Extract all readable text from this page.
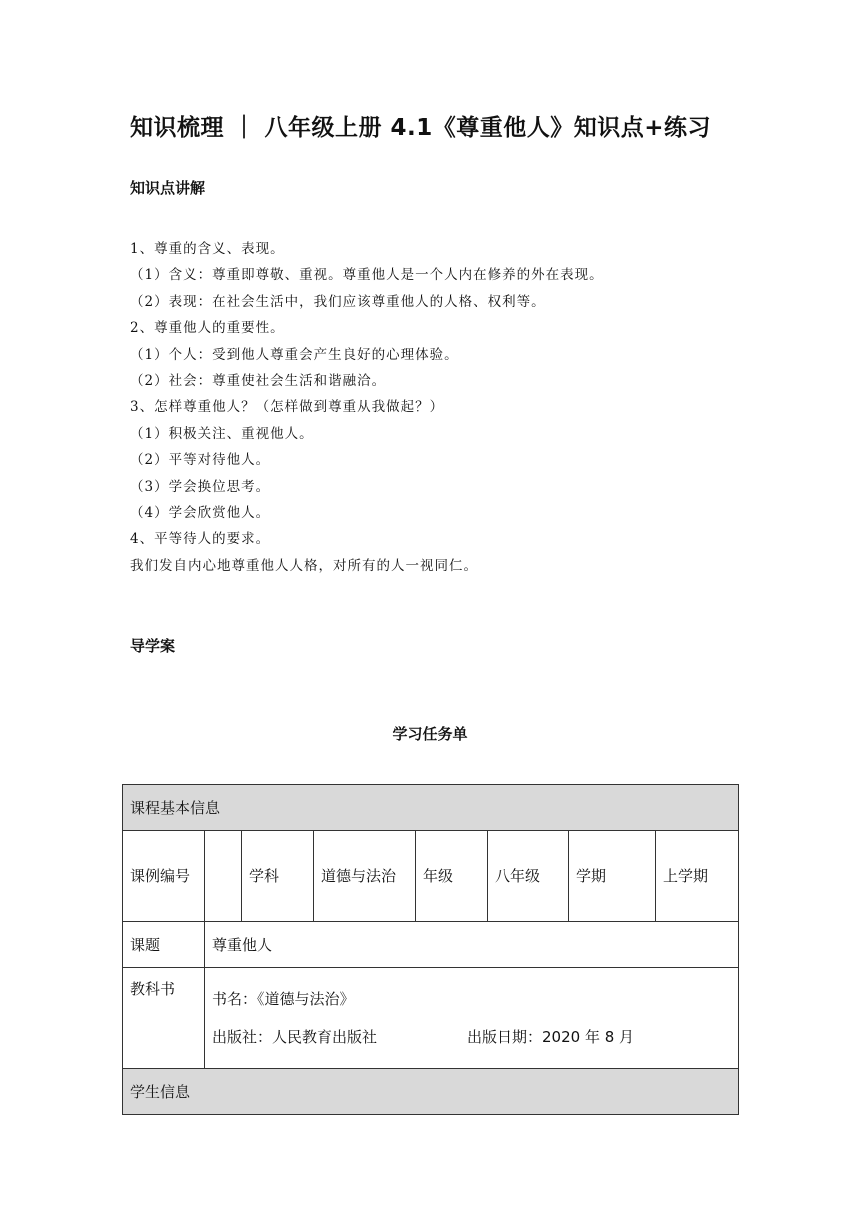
知识梳理 ｜ 八年级上册 4.1《尊重他人》知识点+练习
知识点讲解
1、尊重的含义、表现。
（1）含义：尊重即尊敬、重视。尊重他人是一个人内在修养的外在表现。
（2）表现：在社会生活中，我们应该尊重他人的人格、权利等。
2、尊重他人的重要性。
（1）个人：受到他人尊重会产生良好的心理体验。
（2）社会：尊重使社会生活和谐融洽。
3、怎样尊重他人？（怎样做到尊重从我做起？）
（1）积极关注、重视他人。
（2）平等对待他人。
（3）学会换位思考。
（4）学会欣赏他人。
4、平等待人的要求。
我们发自内心地尊重他人人格，对所有的人一视同仁。
导学案
学习任务单
课程基本信息							

课例编号		学科	道德与法治	年级	八年级	学期	上学期
课题	尊重他人						
教科书	书名：《道德与法治》
出版社：人民教育出版社 出版日期：2020 年 8 月						

学生信息							
